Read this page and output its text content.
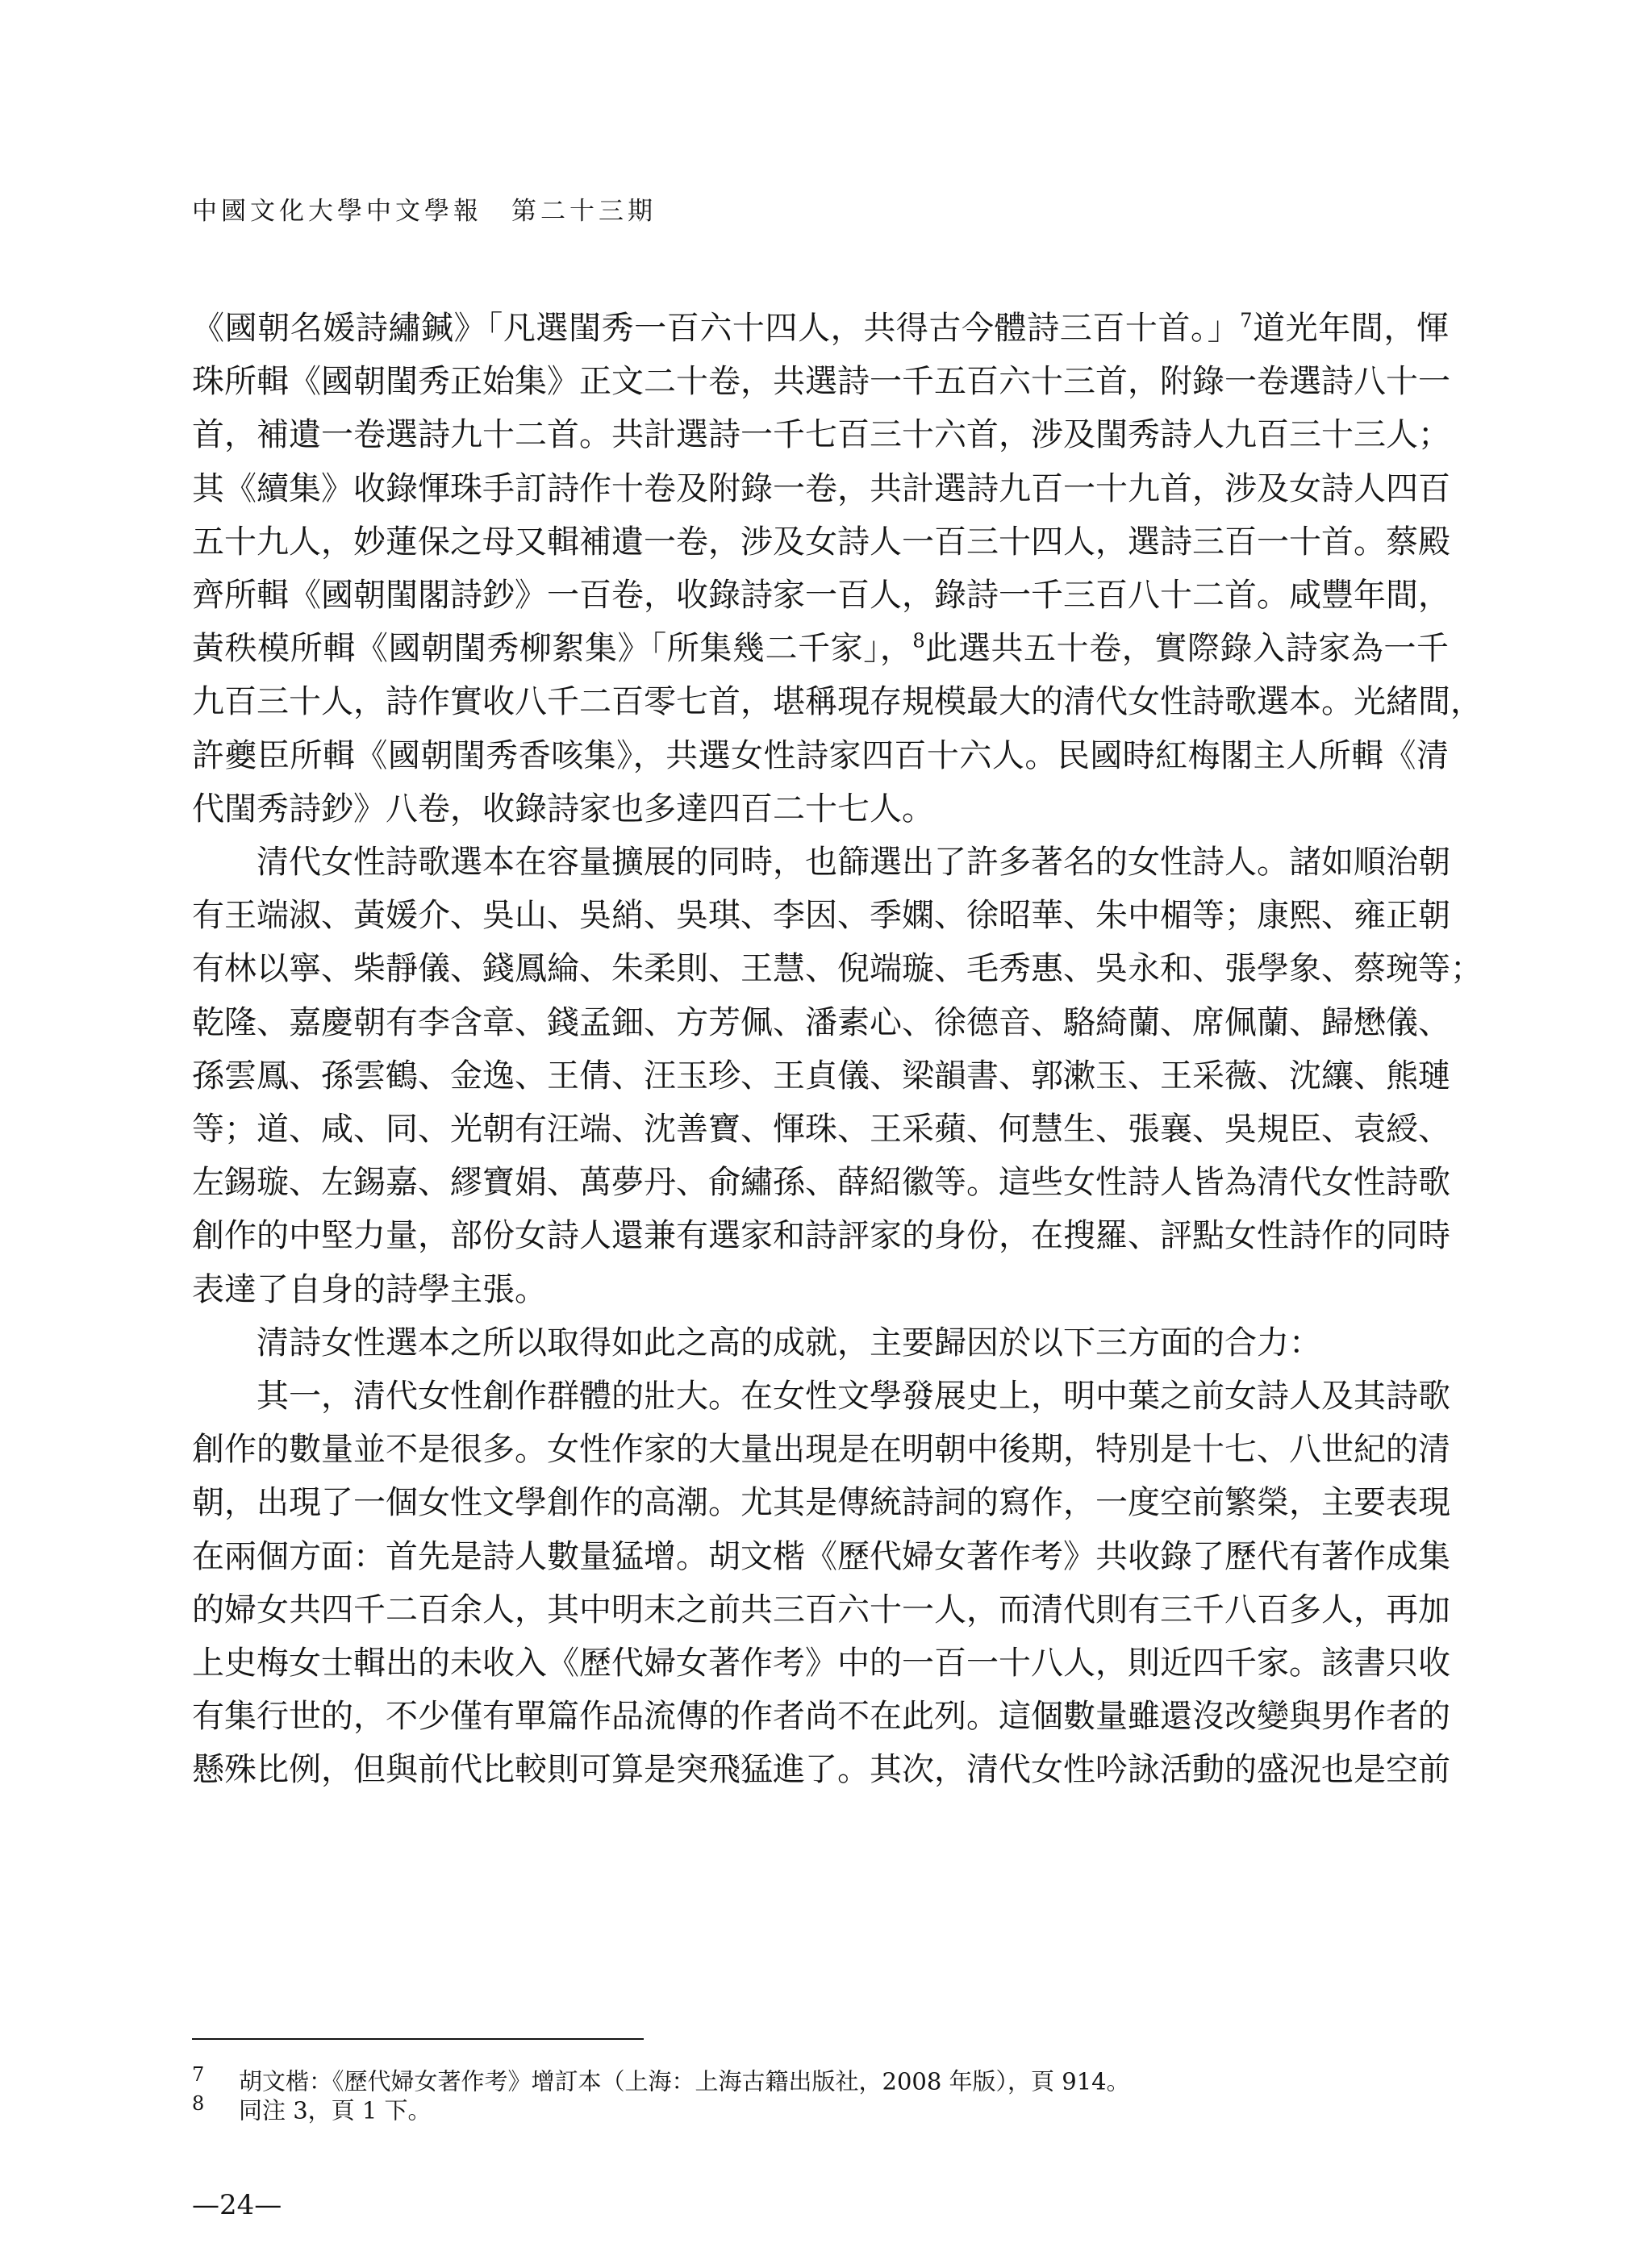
中國文化大學中文學報　第二十三期

《國朝名媛詩繡鍼》「凡選閨秀一百六十四人，共得古今體詩三百十首。」$^7$道光年間，惲
珠所輯《國朝閨秀正始集》正文二十卷，共選詩一千五百六十三首，附錄一卷選詩八十一
首，補遺一卷選詩九十二首。共計選詩一千七百三十六首，涉及閨秀詩人九百三十三人；
其《續集》收錄惲珠手訂詩作十卷及附錄一卷，共計選詩九百一十九首，涉及女詩人四百
五十九人，妙蓮保之母又輯補遺一卷，涉及女詩人一百三十四人，選詩三百一十首。蔡殿
齊所輯《國朝閨閣詩鈔》一百卷，收錄詩家一百人，錄詩一千三百八十二首。咸豐年間，
黃秩模所輯《國朝閨秀柳絮集》「所集幾二千家」，$^8$此選共五十卷，實際錄入詩家為一千
九百三十人，詩作實收八千二百零七首，堪稱現存規模最大的清代女性詩歌選本。光緒間，
許夔臣所輯《國朝閨秀香咳集》，共選女性詩家四百十六人。民國時紅梅閣主人所輯《清
代閨秀詩鈔》八卷，收錄詩家也多達四百二十七人。

清代女性詩歌選本在容量擴展的同時，也篩選出了許多著名的女性詩人。諸如順治朝
有王端淑、黃媛介、吳山、吳綃、吳琪、李因、季嫻、徐昭華、朱中楣等；康熙、雍正朝
有林以寧、柴靜儀、錢鳳綸、朱柔則、王慧、倪端璇、毛秀惠、吳永和、張學象、蔡琬等；
乾隆、嘉慶朝有李含章、錢孟鈿、方芳佩、潘素心、徐德音、駱綺蘭、席佩蘭、歸懋儀、
孫雲鳳、孫雲鶴、金逸、王倩、汪玉珍、王貞儀、梁韻書、郭漱玉、王采薇、沈纕、熊璉
等；道、咸、同、光朝有汪端、沈善寶、惲珠、王采蘋、何慧生、張襄、吳規臣、袁綬、
左錫璇、左錫嘉、繆寶娟、萬夢丹、俞繡孫、薛紹徽等。這些女性詩人皆為清代女性詩歌
創作的中堅力量，部份女詩人還兼有選家和詩評家的身份，在搜羅、評點女性詩作的同時
表達了自身的詩學主張。

清詩女性選本之所以取得如此之高的成就，主要歸因於以下三方面的合力：

其一，清代女性創作群體的壯大。在女性文學發展史上，明中葉之前女詩人及其詩歌
創作的數量並不是很多。女性作家的大量出現是在明朝中後期，特別是十七、八世紀的清
朝，出現了一個女性文學創作的高潮。尤其是傳統詩詞的寫作，一度空前繁榮，主要表現
在兩個方面：首先是詩人數量猛增。胡文楷《歷代婦女著作考》共收錄了歷代有著作成集
的婦女共四千二百余人，其中明末之前共三百六十一人，而清代則有三千八百多人，再加
上史梅女士輯出的未收入《歷代婦女著作考》中的一百一十八人，則近四千家。該書只收
有集行世的，不少僅有單篇作品流傳的作者尚不在此列。這個數量雖還沒改變與男作者的
懸殊比例，但與前代比較則可算是突飛猛進了。其次，清代女性吟詠活動的盛況也是空前

7 胡文楷：《歷代婦女著作考》增訂本（上海：上海古籍出版社，2008 年版），頁 914。
8 同注 3，頁 1 下。
—24—
